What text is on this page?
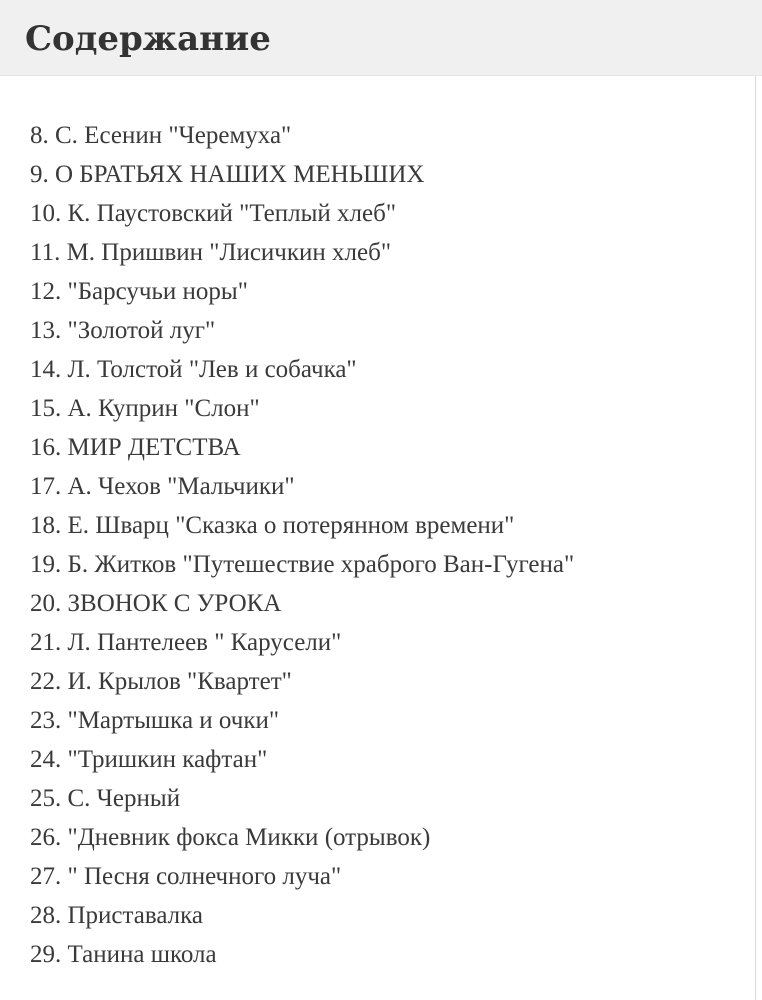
Содержание
8. С. Есенин "Черемуха"
9. О БРАТЬЯХ НАШИХ МЕНЬШИХ
10. К. Паустовский "Теплый хлеб"
11. М. Пришвин "Лисичкин хлеб"
12. "Барсучьи норы"
13. "Золотой луг"
14. Л. Толстой "Лев и собачка"
15. А. Куприн "Слон"
16. МИР ДЕТСТВА
17. А. Чехов "Мальчики"
18. Е. Шварц "Сказка о потерянном времени"
19. Б. Житков "Путешествие храброго Ван-Гугена"
20. ЗВОНОК С УРОКА
21. Л. Пантелеев " Карусели"
22. И. Крылов "Квартет"
23. "Мартышка и очки"
24. "Тришкин кафтан"
25. С. Черный
26. "Дневник фокса Микки (отрывок)
27. " Песня солнечного луча"
28. Приставалка
29. Танина школа
